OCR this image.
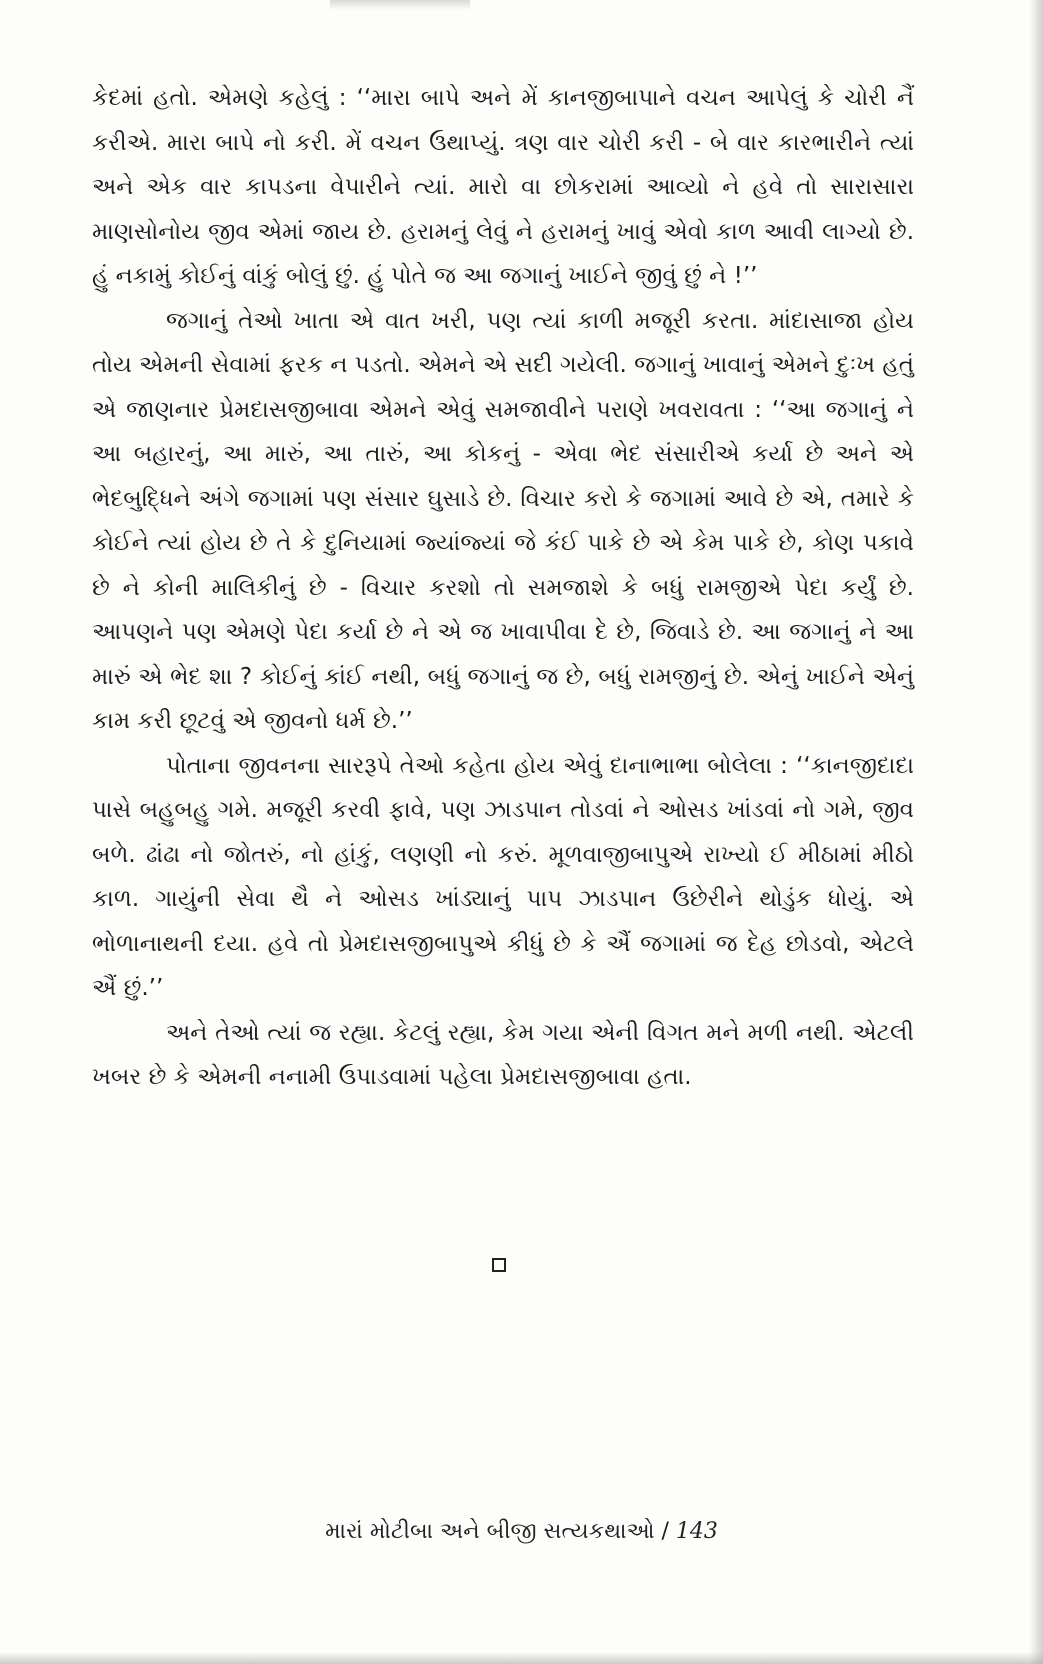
કેદમાં હતો. એમણે કહેલું : ‘‘મારા બાપે અને મેં કાનજીબાપાને વચન આપેલું કે ચોરી નૈં કરીએ. મારા બાપે નો કરી. મેં વચન ઉથાપ્યું. ત્રણ વાર ચોરી કરી - બે વાર કારભારીને ત્યાં અને એક વાર કાપડના વેપારીને ત્યાં. મારો વા છોકરામાં આવ્યો ને હવે તો સારાસારા માણસોનોય જીવ એમાં જાય છે. હરામનું લેવું ને હરામનું ખાવું એવો કાળ આવી લાગ્યો છે. હું નકામું કોઈનું વાંકું બોલું છું. હું પોતે જ આ જગાનું ખાઈને જીવું છું ને !’’

જગાનું તેઓ ખાતા એ વાત ખરી, પણ ત્યાં કાળી મજૂરી કરતા. માંદાસાજા હોય તોય એમની સેવામાં ફરક ન પડતો. એમને એ સદી ગયેલી. જગાનું ખાવાનું એમને દુઃખ હતું એ જાણનાર પ્રેમદાસજીબાવા એમને એવું સમજાવીને પરાણે ખવરાવતા : ‘‘આ જગાનું ને આ બહારનું, આ મારું, આ તારું, આ કોકનું - એવા ભેદ સંસારીએ કર્યા છે અને એ ભેદબુદ્ધિને અંગે જગામાં પણ સંસાર ઘુસાડે છે. વિચાર કરો કે જગામાં આવે છે એ, તમારે કે કોઈને ત્યાં હોય છે તે કે દુનિયામાં જ્યાંજ્યાં જે કંઈ પાકે છે એ કેમ પાકે છે, કોણ પકાવે છે ને કોની માલિકીનું છે - વિચાર કરશો તો સમજાશે કે બધું રામજીએ પેદા કર્યું છે. આપણને પણ એમણે પેદા કર્યા છે ને એ જ ખાવાપીવા દે છે, જિવાડે છે. આ જગાનું ને આ મારું એ ભેદ શા ? કોઈનું કાંઈ નથી, બધું જગાનું જ છે, બધું રામજીનું છે. એનું ખાઈને એનું કામ કરી છૂટવું એ જીવનો ધર્મ છે.’’

પોતાના જીવનના સારરૂપે તેઓ કહેતા હોય એવું દાનાભાભા બોલેલા : ‘‘કાનજીદાદા પાસે બહુબહુ ગમે. મજૂરી કરવી ફાવે, પણ ઝાડપાન તોડવાં ને ઓસડ ખાંડવાં નો ગમે, જીવ બળે. ઢાંઢા નો જોતરું, નો હાંકું, લણણી નો કરું. મૂળવાજીબાપુએ રાખ્યો ઈ મીઠામાં મીઠો કાળ. ગાયુંની સેવા થૈ ને ઓસડ ખાંડ્યાનું પાપ ઝાડપાન ઉછેરીને થોડુંક ધોયું. એ ભોળાનાથની દયા. હવે તો પ્રેમદાસજીબાપુએ કીધું છે કે ઐં જગામાં જ દેહ છોડવો, એટલે ઐં છું.’’

અને તેઓ ત્યાં જ રહ્યા. કેટલું રહ્યા, કેમ ગયા એની વિગત મને મળી નથી. એટલી ખબર છે કે એમની નનામી ઉપાડવામાં પહેલા પ્રેમદાસજીબાવા હતા.

મારાં મોટીબા અને બીજી સત્યકથાઓ / 143
